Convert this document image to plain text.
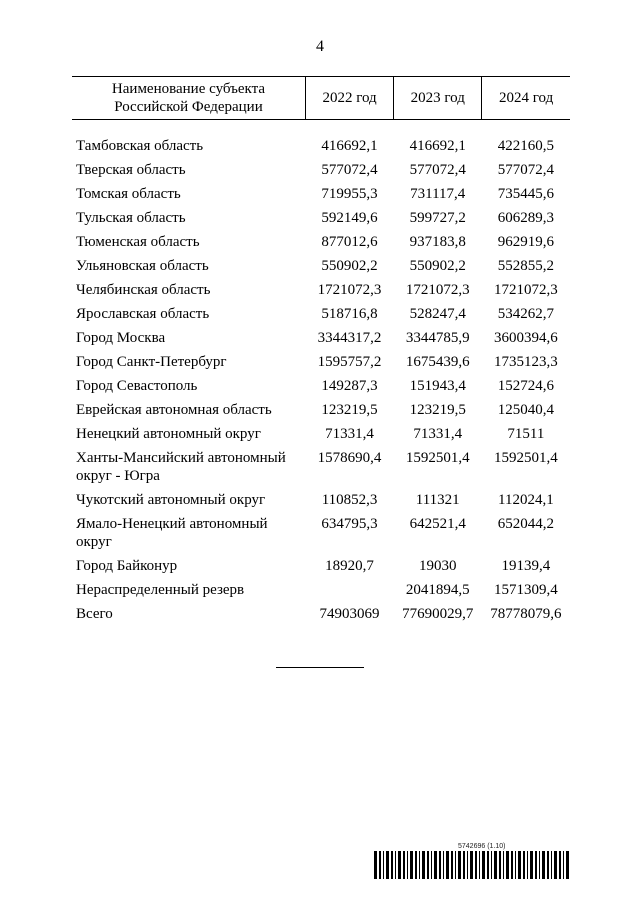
4
Наименование субъекта Российской Федерации	2022 год	2023 год	2024 год

Тамбовская область	416692,1	416692,1	422160,5
Тверская область	577072,4	577072,4	577072,4
Томская область	719955,3	731117,4	735445,6
Тульская область	592149,6	599727,2	606289,3
Тюменская область	877012,6	937183,8	962919,6
Ульяновская область	550902,2	550902,2	552855,2
Челябинская область	1721072,3	1721072,3	1721072,3
Ярославская область	518716,8	528247,4	534262,7
Город Москва	3344317,2	3344785,9	3600394,6
Город Санкт-Петербург	1595757,2	1675439,6	1735123,3
Город Севастополь	149287,3	151943,4	152724,6
Еврейская автономная область	123219,5	123219,5	125040,4
Ненецкий автономный округ	71331,4	71331,4	71511
Ханты-Мансийский автономный округ - Югра	1578690,4	1592501,4	1592501,4
Чукотский автономный округ	110852,3	111321	112024,1
Ямало-Ненецкий автономный округ	634795,3	642521,4	652044,2
Город Байконур	18920,7	19030	19139,4
Нераспределенный резерв		2041894,5	1571309,4
Всего	74903069	77690029,7	78778079,6
5742696 (1.10)
